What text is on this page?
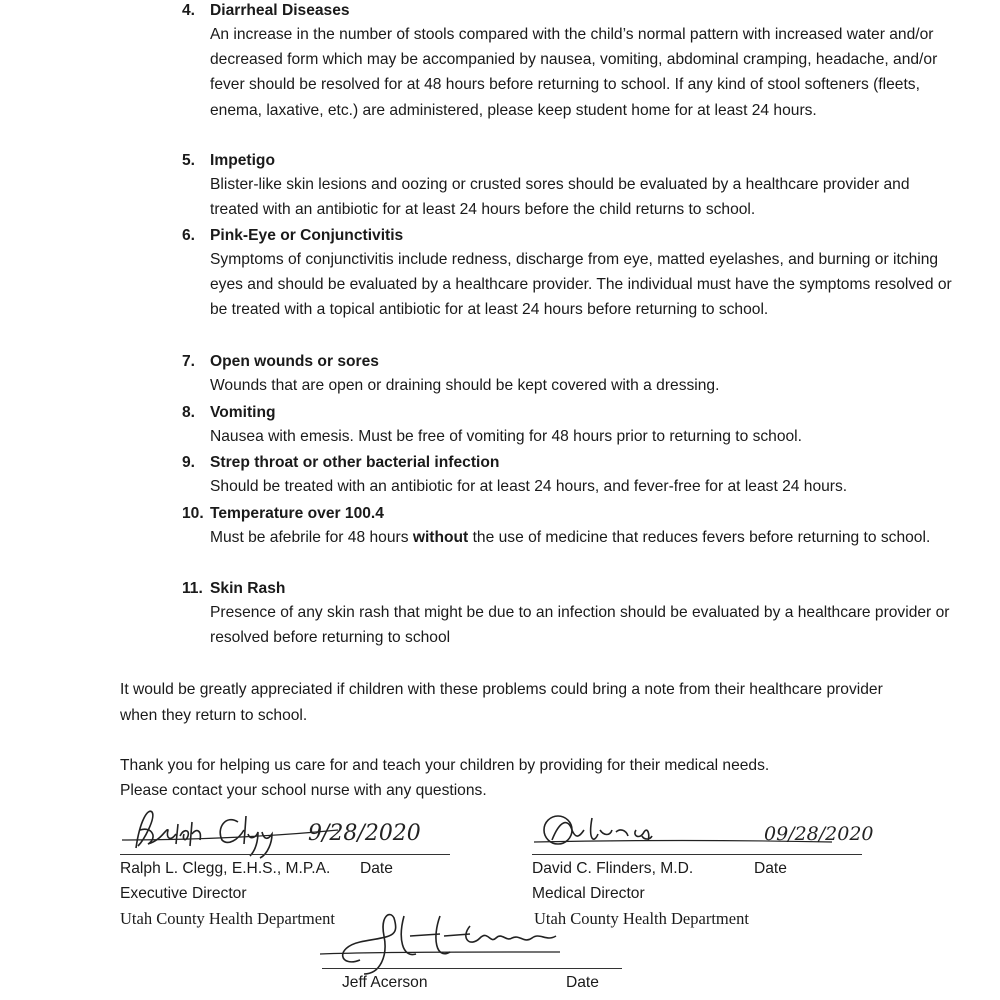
4. Diarrheal Diseases
An increase in the number of stools compared with the child’s normal pattern with increased water and/or decreased form which may be accompanied by nausea, vomiting, abdominal cramping, headache, and/or fever should be resolved for at 48 hours before returning to school. If any kind of stool softeners (fleets, enema, laxative, etc.) are administered, please keep student home for at least 24 hours.
5. Impetigo
Blister-like skin lesions and oozing or crusted sores should be evaluated by a healthcare provider and treated with an antibiotic for at least 24 hours before the child returns to school.
6. Pink-Eye or Conjunctivitis
Symptoms of conjunctivitis include redness, discharge from eye, matted eyelashes, and burning or itching eyes and should be evaluated by a healthcare provider. The individual must have the symptoms resolved or be treated with a topical antibiotic for at least 24 hours before returning to school.
7. Open wounds or sores
Wounds that are open or draining should be kept covered with a dressing.
8. Vomiting
Nausea with emesis. Must be free of vomiting for 48 hours prior to returning to school.
9. Strep throat or other bacterial infection
Should be treated with an antibiotic for at least 24 hours, and fever-free for at least 24 hours.
10. Temperature over 100.4
Must be afebrile for 48 hours without the use of medicine that reduces fevers before returning to school.
11. Skin Rash
Presence of any skin rash that might be due to an infection should be evaluated by a healthcare provider or resolved before returning to school
It would be greatly appreciated if children with these problems could bring a note from their healthcare provider when they return to school.
Thank you for helping us care for and teach your children by providing for their medical needs.
Please contact your school nurse with any questions.
9/28/2020
Ralph L. Clegg, E.H.S., M.P.A. Date
Executive Director
Utah County Health Department
09/28/2020
David C. Flinders, M.D.	Date
Medical Director
Utah County Health Department
Jeff Acerson	Date
